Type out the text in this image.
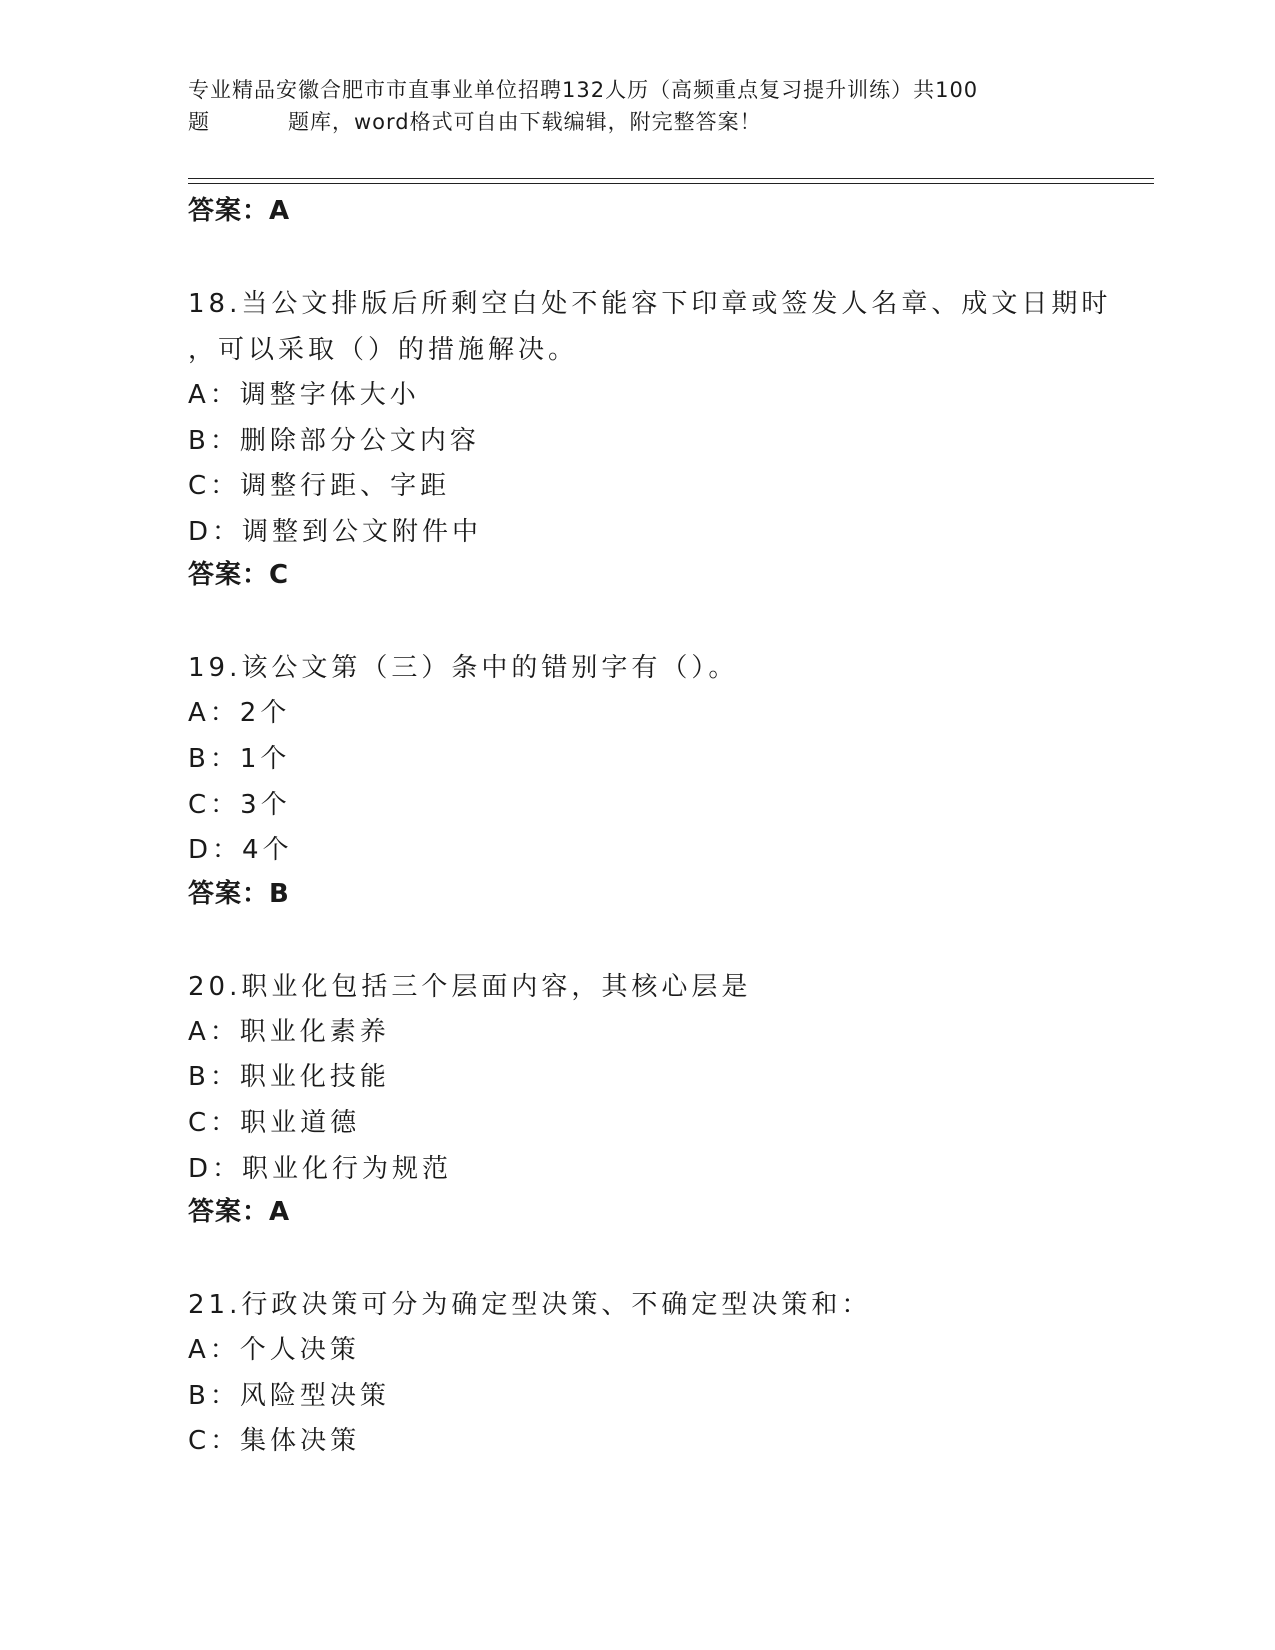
专业精品安徽合肥市市直事业单位招聘132人历（高频重点复习提升训练）共100
题	题库，word格式可自由下载编辑，附完整答案！
答案：A
18.当公文排版后所剩空白处不能容下印章或签发人名章、成文日期时
，可以采取（）的措施解决。
A：调整字体大小
B：删除部分公文内容
C：调整行距、字距
D：调整到公文附件中
答案：C
19.该公文第（三）条中的错别字有（）。
A：2个
B：1个
C：3个
D：4个
答案：B
20.职业化包括三个层面内容，其核心层是
A：职业化素养
B：职业化技能
C：职业道德
D：职业化行为规范
答案：A
21.行政决策可分为确定型决策、不确定型决策和：
A：个人决策
B：风险型决策
C：集体决策
